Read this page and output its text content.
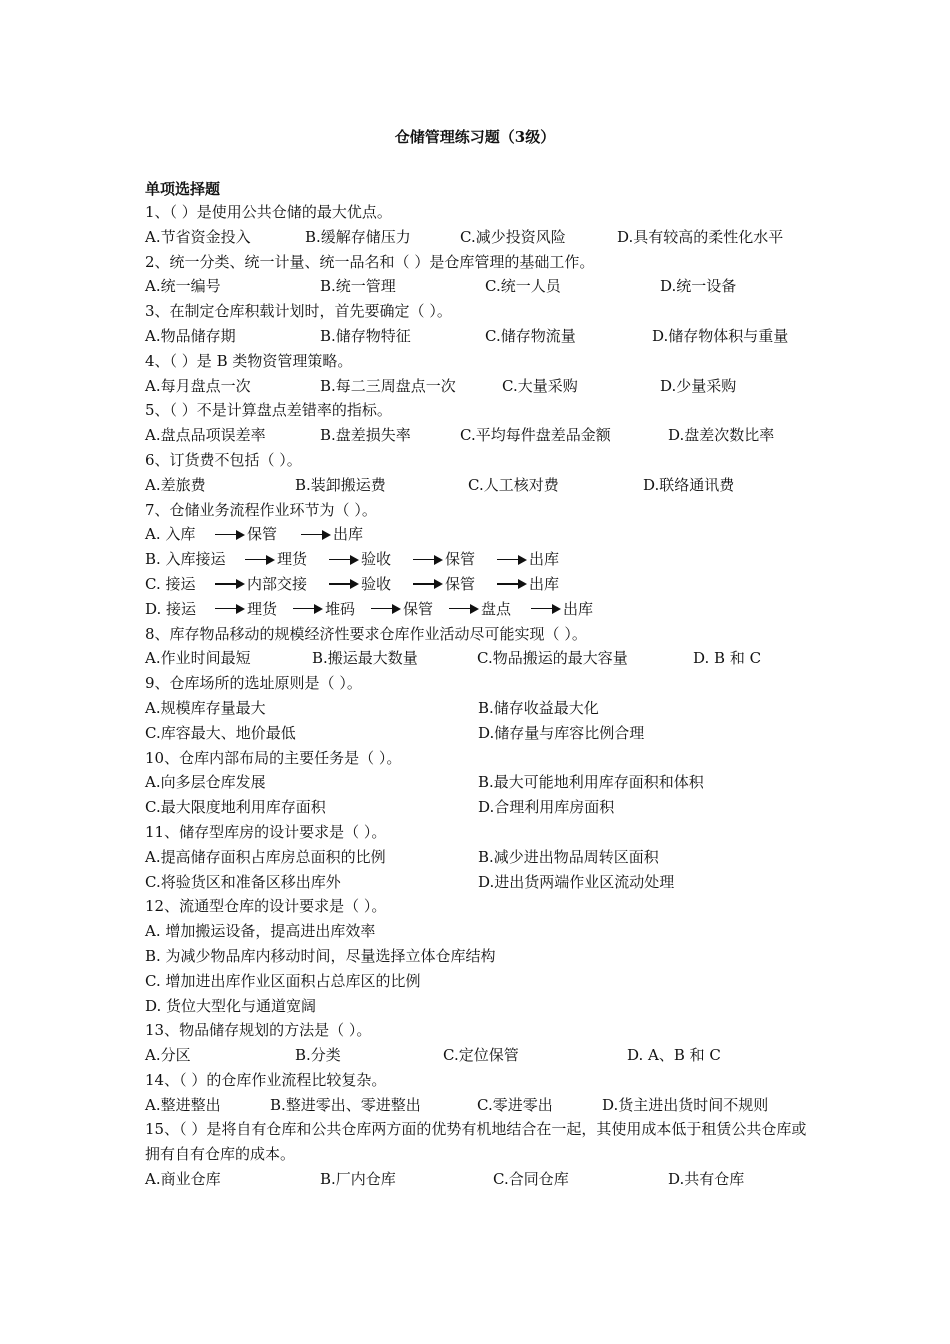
仓储管理练习题（3级）
单项选择题
1、（ ）是使用公共仓储的最大优点。
A.节省资金投入	B.缓解存储压力	C.减少投资风险	D.具有较高的柔性化水平
2、统一分类、统一计量、统一品名和（ ）是仓库管理的基础工作。
A.统一编号	B.统一管理	C.统一人员	D.统一设备
3、在制定仓库积载计划时，首先要确定（ ）。
A.物品储存期	B.储存物特征	C.储存物流量	D.储存物体积与重量
4、（ ）是 B 类物资管理策略。
A.每月盘点一次	B.每二三周盘点一次	C.大量采购	D.少量采购
5、（ ）不是计算盘点差错率的指标。
A.盘点品项误差率	B.盘差损失率	C.平均每件盘差品金额	D.盘差次数比率
6、订货费不包括（ ）。
A.差旅费	B.装卸搬运费	C.人工核对费	D.联络通讯费
7、仓储业务流程作业环节为（ ）。
A. 入库	保管	出库
B. 入库接运	理货	验收	保管	出库
C. 接运	内部交接	验收	保管	出库
D. 接运	理货	堆码	保管	盘点	出库
8、库存物品移动的规模经济性要求仓库作业活动尽可能实现（ ）。
A.作业时间最短	B.搬运最大数量	C.物品搬运的最大容量	D. B 和 C
9、仓库场所的选址原则是（ ）。
A.规模库存量最大	B.储存收益最大化
C.库容最大、地价最低	D.储存量与库容比例合理
10、仓库内部布局的主要任务是（ ）。
A.向多层仓库发展	B.最大可能地利用库存面积和体积
C.最大限度地利用库存面积	D.合理利用库房面积
11、储存型库房的设计要求是（ ）。
A.提高储存面积占库房总面积的比例	B.减少进出物品周转区面积
C.将验货区和准备区移出库外	D.进出货两端作业区流动处理
12、流通型仓库的设计要求是（ ）。
A. 增加搬运设备，提高进出库效率
B. 为减少物品库内移动时间，尽量选择立体仓库结构
C. 增加进出库作业区面积占总库区的比例
D. 货位大型化与通道宽阔
13、物品储存规划的方法是（ ）。
A.分区	B.分类	C.定位保管	D. A、B 和 C
14、（ ）的仓库作业流程比较复杂。
A.整进整出	B.整进零出、零进整出	C.零进零出	D.货主进出货时间不规则
15、（ ）是将自有仓库和公共仓库两方面的优势有机地结合在一起，其使用成本低于租赁公共仓库或拥有自有仓库的成本。
A.商业仓库	B.厂内仓库	C.合同仓库	D.共有仓库
